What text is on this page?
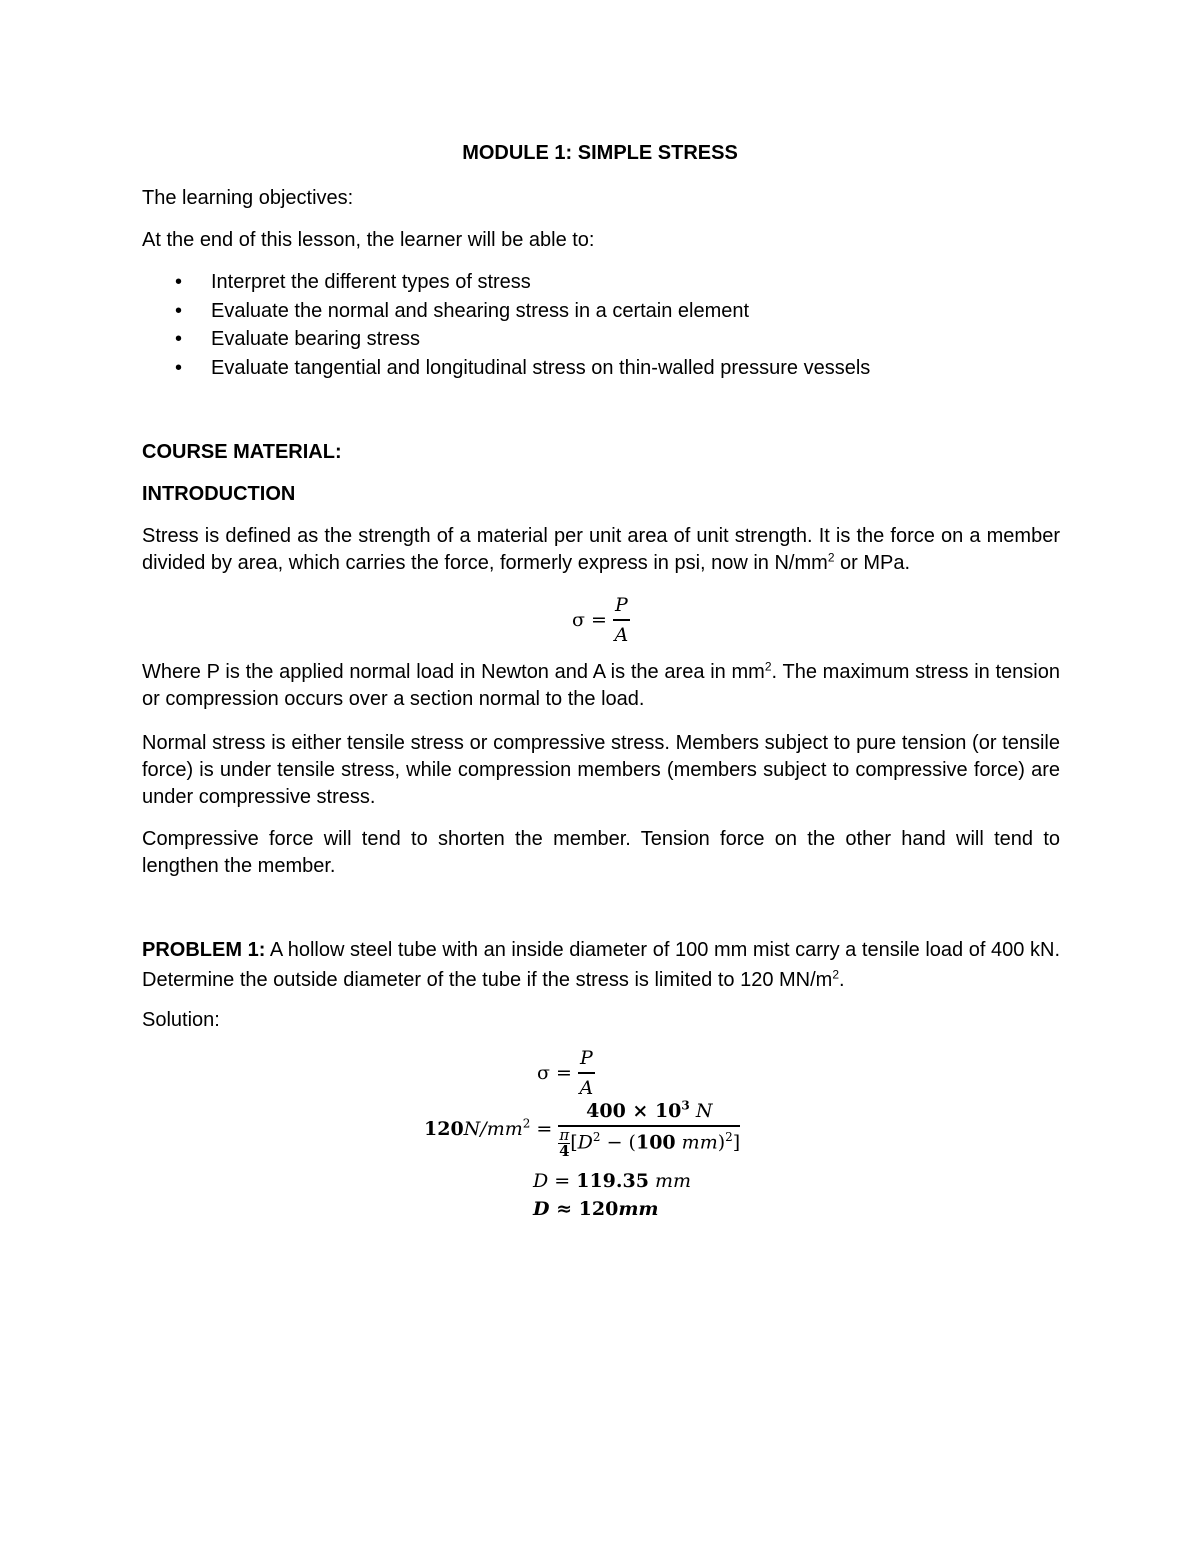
MODULE 1: SIMPLE STRESS
The learning objectives:
At the end of this lesson, the learner will be able to:
• Interpret the different types of stress
• Evaluate the normal and shearing stress in a certain element
• Evaluate bearing stress
• Evaluate tangential and longitudinal stress on thin-walled pressure vessels
COURSE MATERIAL:
INTRODUCTION
Stress is defined as the strength of a material per unit area of unit strength. It is the force on a member divided by area, which carries the force, formerly express in psi, now in $N/mm^2$ or MPa.
$\sigma = \frac{P}{A}$
Where P is the applied normal load in Newton and A is the area in $mm^2$. The maximum stress in tension or compression occurs over a section normal to the load.
Normal stress is either tensile stress or compressive stress. Members subject to pure tension (or tensile force) is under tensile stress, while compression members (members subject to compressive force) are under compressive stress.
Compressive force will tend to shorten the member. Tension force on the other hand will tend to lengthen the member.
PROBLEM 1: A hollow steel tube with an inside diameter of 100 mm mist carry a tensile load of 400 kN. Determine the outside diameter of the tube if the stress is limited to 120 $MN/m^2$.
Solution:
$\sigma = \frac{P}{A}$
$120N/mm^2 = \frac{400 \times 10^3 N}{\frac{\pi}{4} [D^2 - (100 mm)^2]}$
D = 119.35 mm
D ≈ 120mm
